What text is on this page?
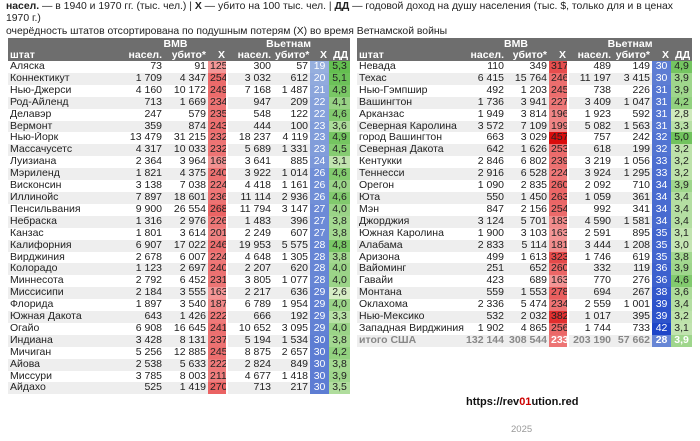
насел. — в 1940 и 1970 гг. (тыс. чел.) | Х — убито на 100 тыс. чел. | ДД — годовой доход на душу населения (тыс. $, только для и в ценах 1970 г.)
очерёдность штатов отсортирована по подушным потерям (Х) во время Ветнамской войны
	ВМВ			Вьетнам			
штат	насел.	убито*	Х	насел.	убито*	Х	ДД
Аляска	73	91	125	300	57	19	5,3
Коннектикут	1 709	4 347	254	3 032	612	20	5,1
Нью-Джерси	4 160	10 172	249	7 168	1 487	21	4,8
Род-Айленд	713	1 669	234	947	209	22	4,1
Делавэр	247	579	235	548	122	22	4,6
Вермонт	359	874	243	444	100	23	3,6
Нью-Йорк	13 479	31 215	232	18 237	4 119	23	4,9
Массачусетс	4 317	10 033	232	5 689	1 331	23	4,5
Луизиана	2 364	3 964	168	3 641	885	24	3,1
Мэриленд	1 821	4 375	240	3 922	1 014	26	4,6
Висконсин	3 138	7 038	224	4 418	1 161	26	4,0
Иллинойс	7 897	18 601	236	11 114	2 936	26	4,6
Пенсильвания	9 900	26 554	268	11 794	3 147	27	4,0
Небраска	1 316	2 976	226	1 483	396	27	3,8
Канзас	1 801	3 614	201	2 249	607	27	3,8
Калифорния	6 907	17 022	246	19 953	5 575	28	4,8
Вирджиния	2 678	6 007	224	4 648	1 305	28	3,8
Колорадо	1 123	2 697	240	2 207	620	28	4,0
Миннесота	2 792	6 452	231	3 805	1 077	28	4,0
Миссисипи	2 184	3 555	163	2 217	636	29	2,6
Флорида	1 897	3 540	187	6 789	1 954	29	4,0
Южная Дакота	643	1 426	222	666	192	29	3,3
Огайо	6 908	16 645	241	10 652	3 095	29	4,0
Индиана	3 428	8 131	237	5 194	1 534	30	3,8
Мичиган	5 256	12 885	245	8 875	2 657	30	4,2
Айова	2 538	5 633	222	2 824	849	30	3,8
Миссури	3 785	8 003	211	4 677	1 418	30	3,9
Айдахо	525	1 419	270	713	217	30	3,5
	ВМВ			Вьетнам			
штат	насел.	убито*	Х	насел.	убито*	Х	ДД
Невада	110	349	317	489	149	30	4,9
Техас	6 415	15 764	246	11 197	3 415	30	3,9
Нью-Гэмпшир	492	1 203	245	738	226	31	3,9
Вашингтон	1 736	3 941	227	3 409	1 047	31	4,2
Арканзас	1 949	3 814	196	1 923	592	31	2,8
Северная Каролина	3 572	7 109	199	5 082	1 563	31	3,3
город Вашингтон	663	3 029	457	757	242	32	5,0
Северная Дакота	642	1 626	253	618	199	32	3,2
Кентукки	2 846	6 802	239	3 219	1 056	33	3,2
Теннесси	2 916	6 528	224	3 924	1 295	33	3,2
Орегон	1 090	2 835	260	2 092	710	34	3,9
Юта	550	1 450	263	1 059	361	34	3,4
Мэн	847	2 156	254	992	341	34	3,4
Джорджия	3 124	5 701	183	4 590	1 581	34	3,4
Южная Каролина	1 900	3 103	163	2 591	895	35	3,1
Алабама	2 833	5 114	181	3 444	1 208	35	3,0
Аризона	499	1 613	323	1 746	619	35	3,8
Вайоминг	251	652	260	332	119	36	3,9
Гавайи	423	689	163	770	276	36	4,6
Монтана	559	1 553	278	694	267	38	3,6
Оклахома	2 336	5 474	234	2 559	1 001	39	3,4
Нью-Мексико	532	2 032	382	1 017	395	39	3,2
Западная Вирджиния	1 902	4 865	256	1 744	733	42	3,1
итого США	132 144	308 544	233	203 190	57 662	28	3,9
https://rev01ution.red
2025
